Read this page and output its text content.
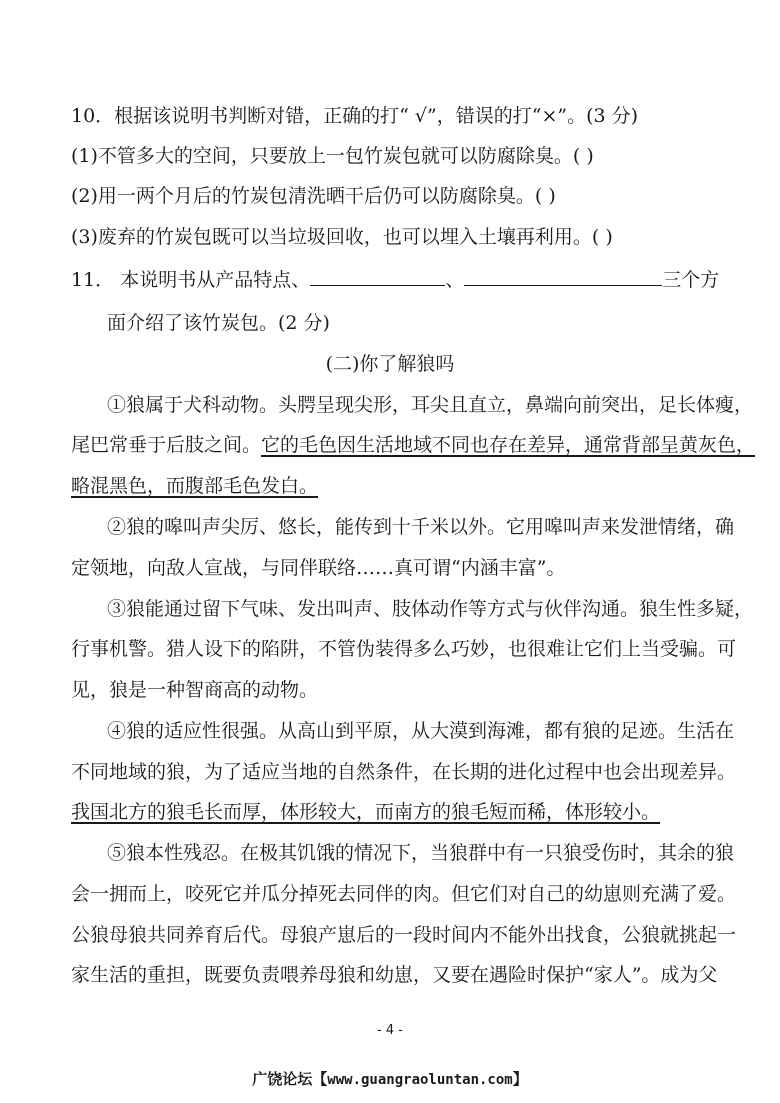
10．根据该说明书判断对错，正确的打“ √”，错误的打“×”。(3 分)
(1)不管多大的空间，只要放上一包竹炭包就可以防腐除臭。( )
(2)用一两个月后的竹炭包清洗晒干后仍可以防腐除臭。( )
(3)废弃的竹炭包既可以当垃圾回收，也可以埋入土壤再利用。( )
11． 本说明书从产品特点、	、	三个方
面介绍了该竹炭包。(2 分)
(二)你了解狼吗
①狼属于犬科动物。头腭呈现尖形，耳尖且直立，鼻端向前突出，足长体瘦，
尾巴常垂于后肢之间。它的毛色因生活地域不同也存在差异，通常背部呈黄灰色，
略混黑色，而腹部毛色发白。
②狼的嗥叫声尖厉、悠长，能传到十千米以外。它用嗥叫声来发泄情绪，确
定领地，向敌人宣战，与同伴联络……真可谓“内涵丰富”。
③狼能通过留下气味、发出叫声、肢体动作等方式与伙伴沟通。狼生性多疑，
行事机警。猎人设下的陷阱，不管伪装得多么巧妙，也很难让它们上当受骗。可
见，狼是一种智商高的动物。
④狼的适应性很强。从高山到平原，从大漠到海滩，都有狼的足迹。生活在
不同地域的狼，为了适应当地的自然条件，在长期的进化过程中也会出现差异。
我国北方的狼毛长而厚，体形较大，而南方的狼毛短而稀，体形较小。
⑤狼本性残忍。在极其饥饿的情况下，当狼群中有一只狼受伤时，其余的狼
会一拥而上，咬死它并瓜分掉死去同伴的肉。但它们对自己的幼崽则充满了爱。
公狼母狼共同养育后代。母狼产崽后的一段时间内不能外出找食，公狼就挑起一
家生活的重担，既要负责喂养母狼和幼崽，又要在遇险时保护“家人”。成为父
- 4 -
广饶论坛【www.guangraoluntan.com】
